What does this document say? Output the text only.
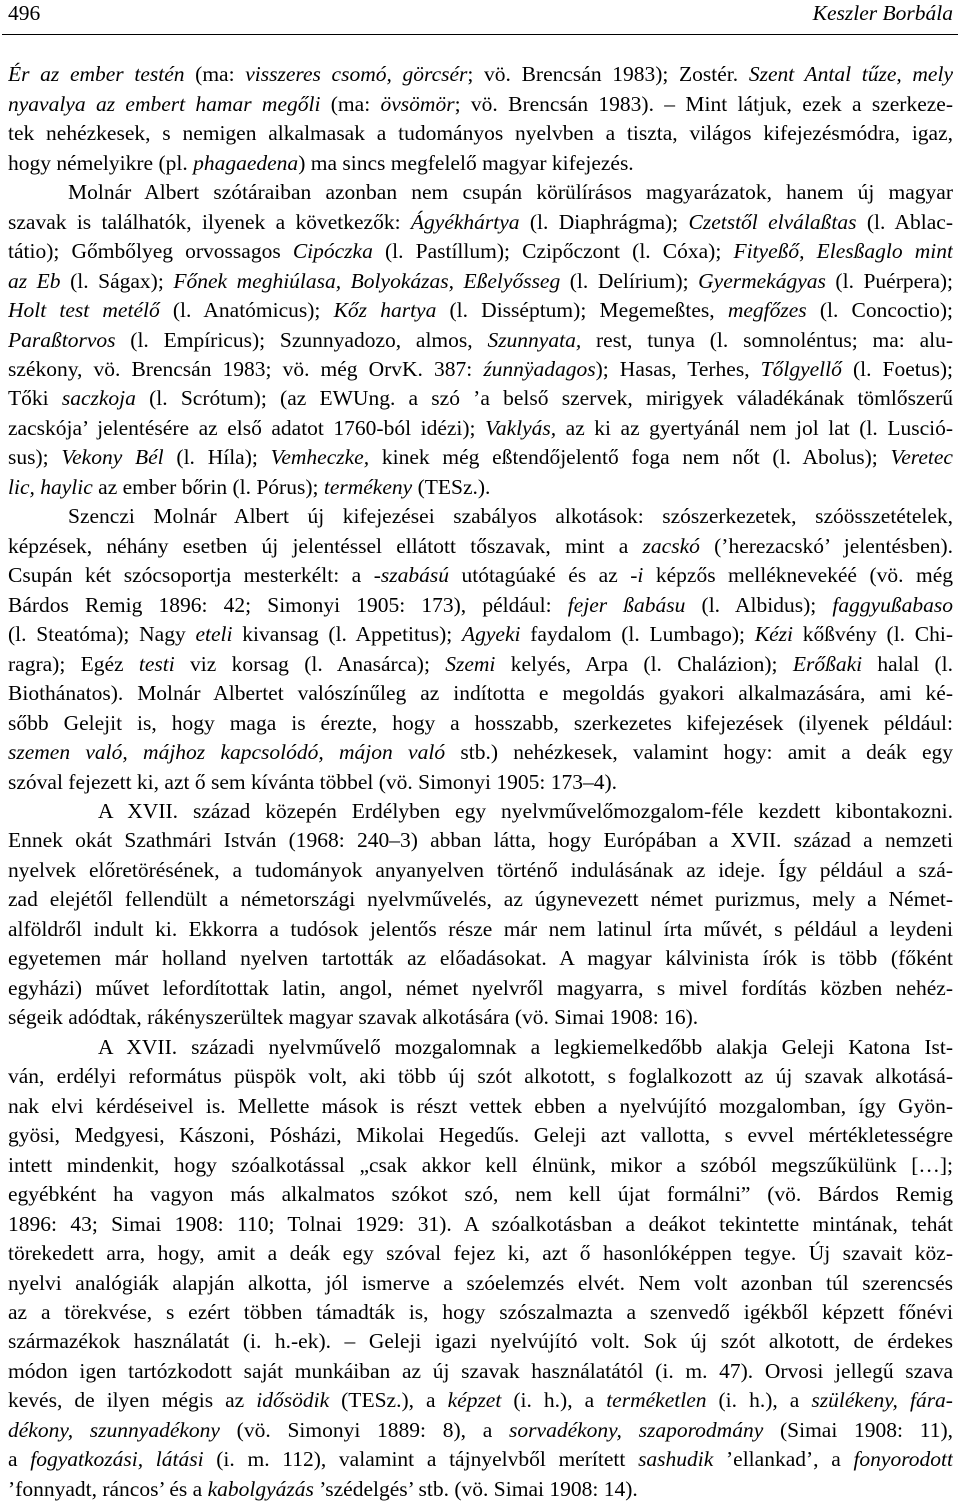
496	Keszler Borbála
Ér az ember testén (ma: visszeres csomó, görcsér; vö. Brencsán 1983); Zostér. Szent Antal tűze, mely
nyavalya az embert hamar megőli (ma: övsömör; vö. Brencsán 1983). – Mint látjuk, ezek a szerkeze-
tek nehézkesek, s nemigen alkalmasak a tudományos nyelvben a tiszta, világos kifejezésmódra, igaz,
hogy némelyikre (pl. phagaedena) ma sincs megfelelő magyar kifejezés.
Molnár Albert szótáraiban azonban nem csupán körülírásos magyarázatok, hanem új magyar
szavak is találhatók, ilyenek a következők: Ágyékhártya (l. Diaphrágma); Czetstől elválaßtas (l. Ablac-
tátio); Gőmbőlyeg orvossagos Cipóczka (l. Pastíllum); Czipőczont (l. Cóxa); Fityeßő, Elesßaglo mint
az Eb (l. Ságax); Főnek meghiúlasa, Bolyokázas, Eßelyősseg (l. Delírium); Gyermekágyas (l. Puérpera);
Holt test metélő (l. Anatómicus); Kőz hartya (l. Disséptum); Megemeßtes, megfőzes (l. Concoctio);
Paraßtorvos (l. Empíricus); Szunnyadozo, almos, Szunnyata, rest, tunya (l. somnoléntus; ma: alu-
székony, vö. Brencsán 1983; vö. még OrvK. 387: źunnÿadagos); Hasas, Terhes, Tőlgyellő (l. Foetus);
Tőki saczkoja (l. Scrótum); (az EWUng. a szó ’a belső szervek, mirigyek váladékának tömlőszerű
zacskója’ jelentésére az első adatot 1760-ból idézi); Vaklyás, az ki az gyertyánál nem jol lat (l. Lusció-
sus); Vekony Bél (l. Híla); Vemheczke, kinek még eßtendőjelentő foga nem nőt (l. Abolus); Veretec
lic, haylic az ember bőrin (l. Pórus); termékeny (TESz.).
Szenczi Molnár Albert új kifejezései szabályos alkotások: szószerkezetek, szóösszetételek,
képzések, néhány esetben új jelentéssel ellátott tőszavak, mint a zacskó (’herezacskó’ jelentésben).
Csupán két szócsoportja mesterkélt: a -szabású utótagúaké és az -i képzős melléknevekéé (vö. még
Bárdos Remig 1896: 42; Simonyi 1905: 173), például: fejer ßabásu (l. Albidus); faggyußabaso
(l. Steatóma); Nagy eteli kivansag (l. Appetitus); Agyeki faydalom (l. Lumbago); Kézi kőßvény (l. Chi-
ragra); Egéz testi viz korsag (l. Anasárca); Szemi kelyés, Arpa (l. Chalázion); Erőßaki halal (l.
Biothánatos). Molnár Albertet valószínűleg az indította e megoldás gyakori alkalmazására, ami ké-
sőbb Gelejit is, hogy maga is érezte, hogy a hosszabb, szerkezetes kifejezések (ilyenek például:
szemen való, májhoz kapcsolódó, májon való stb.) nehézkesek, valamint hogy: amit a deák egy
szóval fejezett ki, azt ő sem kívánta többel (vö. Simonyi 1905: 173–4).
A XVII. század közepén Erdélyben egy nyelvművelőmozgalom-féle kezdett kibontakozni.
Ennek okát Szathmári István (1968: 240–3) abban látta, hogy Európában a XVII. század a nemzeti
nyelvek előretörésének, a tudományok anyanyelven történő indulásának az ideje. Így például a szá-
zad elejétől fellendült a németországi nyelvművelés, az úgynevezett német purizmus, mely a Német-
alföldről indult ki. Ekkorra a tudósok jelentős része már nem latinul írta művét, s például a leydeni
egyetemen már holland nyelven tartották az előadásokat. A magyar kálvinista írók is több (főként
egyházi) művet lefordítottak latin, angol, német nyelvről magyarra, s mivel fordítás közben nehéz-
ségeik adódtak, rákényszerültek magyar szavak alkotására (vö. Simai 1908: 16).
A XVII. századi nyelvművelő mozgalomnak a legkiemelkedőbb alakja Geleji Katona Ist-
ván, erdélyi református püspök volt, aki több új szót alkotott, s foglalkozott az új szavak alkotásá-
nak elvi kérdéseivel is. Mellette mások is részt vettek ebben a nyelvújító mozgalomban, így Gyön-
gyösi, Medgyesi, Kászoni, Pósházi, Mikolai Hegedűs. Geleji azt vallotta, s evvel mértékletességre
intett mindenkit, hogy szóalkotással „csak akkor kell élnünk, mikor a szóból megszűkülünk […];
egyébként ha vagyon más alkalmatos szókot szó, nem kell újat formálni” (vö. Bárdos Remig
1896: 43; Simai 1908: 110; Tolnai 1929: 31). A szóalkotásban a deákot tekintette mintának, tehát
törekedett arra, hogy, amit a deák egy szóval fejez ki, azt ő hasonlóképpen tegye. Új szavait köz-
nyelvi analógiák alapján alkotta, jól ismerve a szóelemzés elvét. Nem volt azonban túl szerencsés
az a törekvése, s ezért többen támadták is, hogy szószalmazta a szenvedő igékből képzett főnévi
származékok használatát (i. h.-ek). – Geleji igazi nyelvújító volt. Sok új szót alkotott, de érdekes
módon igen tartózkodott saját munkáiban az új szavak használatától (i. m. 47). Orvosi jellegű szava
kevés, de ilyen mégis az idősödik (TESz.), a képzet (i. h.), a terméketlen (i. h.), a szülékeny, fára-
dékony, szunnyadékony (vö. Simonyi 1889: 8), a sorvadékony, szaporodmány (Simai 1908: 11),
a fogyatkozási, látási (i. m. 112), valamint a tájnyelvből merített sashudik ’ellankad’, a fonyorodott
’fonnyadt, ráncos’ és a kabolgyázás ’szédelgés’ stb. (vö. Simai 1908: 14).
